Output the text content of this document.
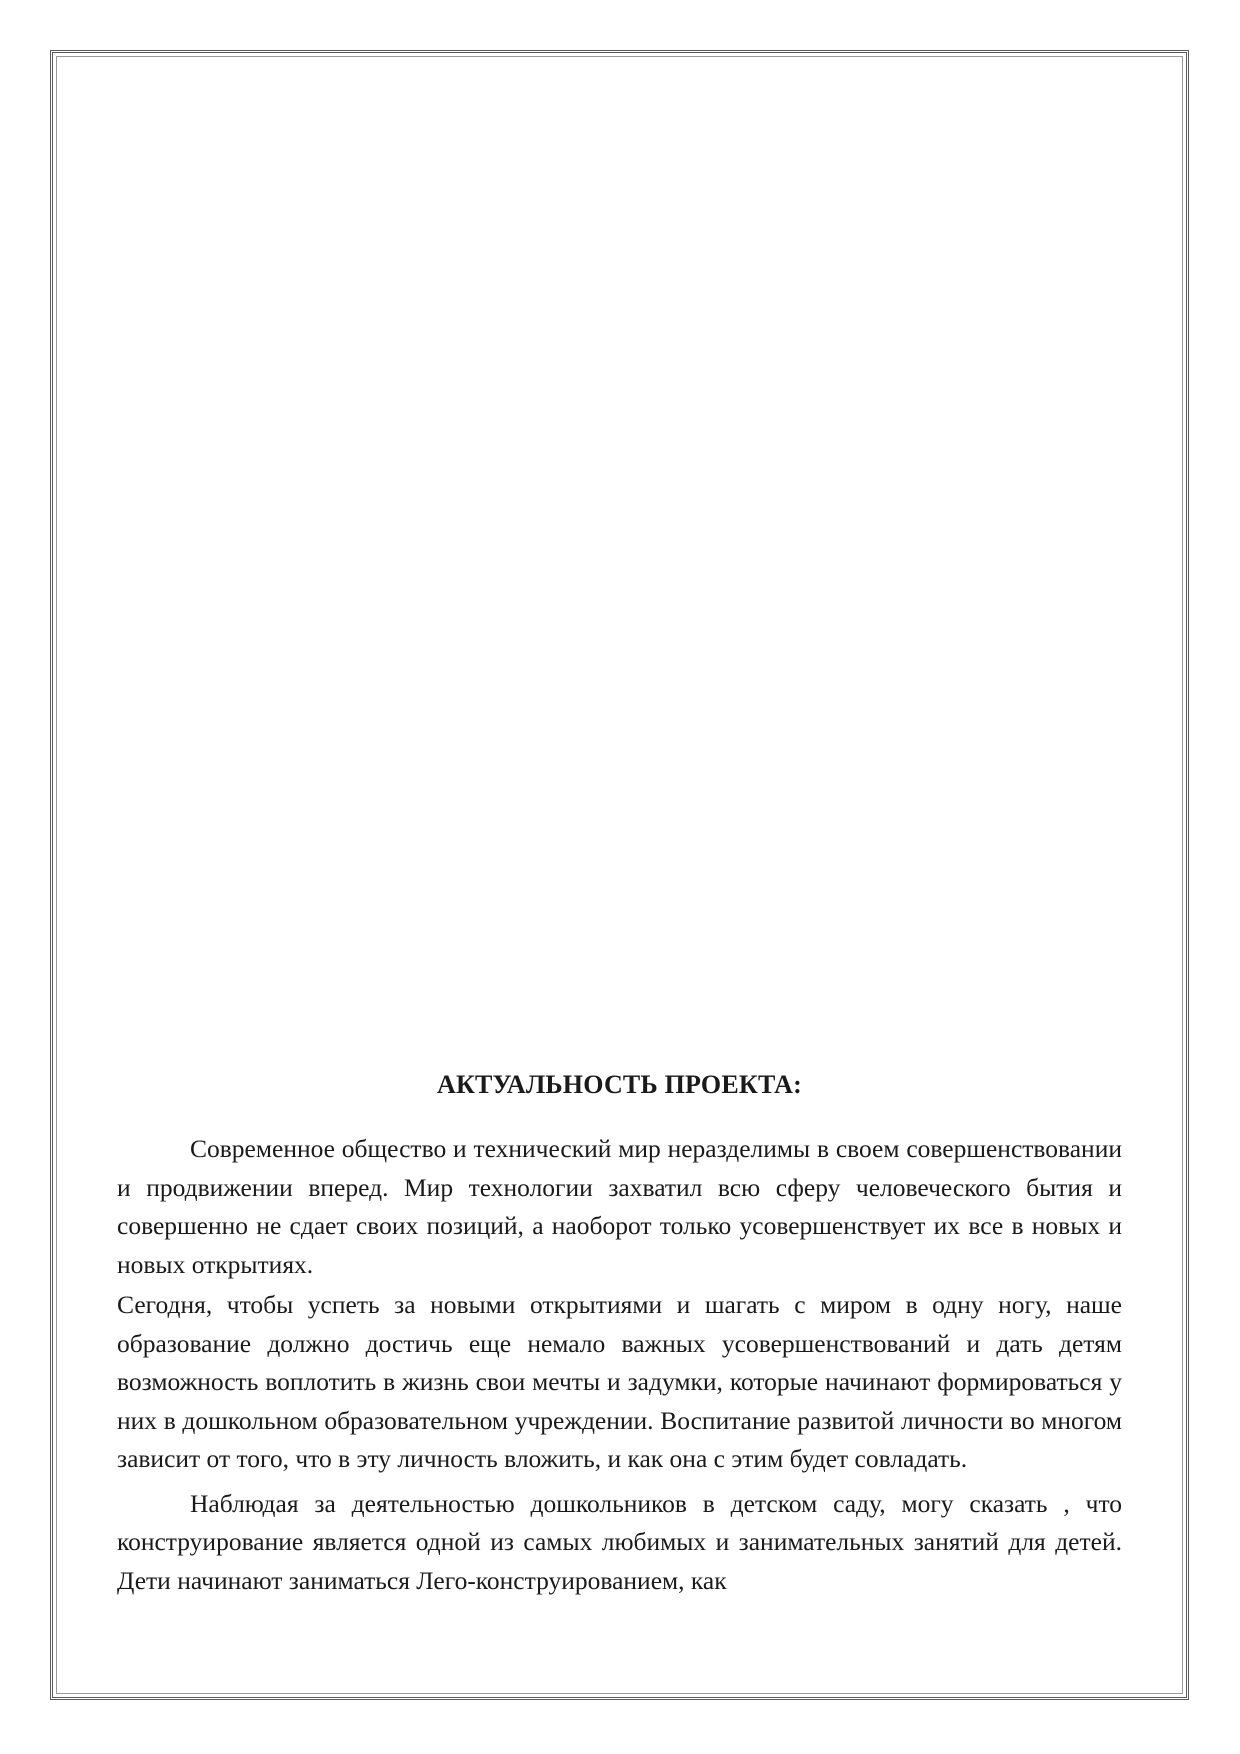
АКТУАЛЬНОСТЬ ПРОЕКТА:

Современное общество и технический мир неразделимы в своем совершенствовании и продвижении вперед. Мир технологии захватил всю сферу человеческого бытия и совершенно не сдает своих позиций, а наоборот только усовершенствует их все в новых и новых открытиях.

Сегодня, чтобы успеть за новыми открытиями и шагать с миром в одну ногу, наше образование должно достичь еще немало важных усовершенствований и дать детям возможность воплотить в жизнь свои мечты и задумки, которые начинают формироваться у них в дошкольном образовательном учреждении. Воспитание развитой личности во многом зависит от того, что в эту личность вложить, и как она с этим будет совладать.

Наблюдая за деятельностью дошкольников в детском саду, могу сказать , что конструирование является одной из самых любимых и занимательных занятий для детей. Дети начинают заниматься Лего-конструированием, как
